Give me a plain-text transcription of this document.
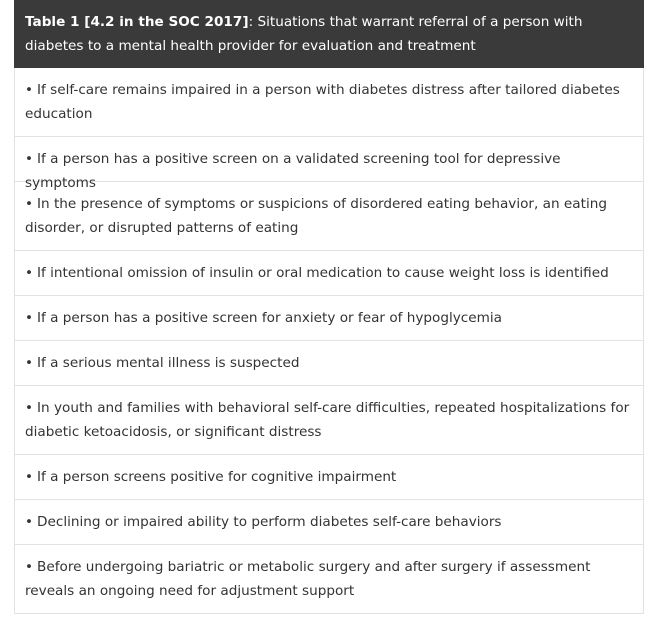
Table 1 [4.2 in the SOC 2017]: Situations that warrant referral of a person with diabetes to a mental health provider for evaluation and treatment
• If self-care remains impaired in a person with diabetes distress after tailored diabetes education
• If a person has a positive screen on a validated screening tool for depressive symptoms
• In the presence of symptoms or suspicions of disordered eating behavior, an eating disorder, or disrupted patterns of eating
• If intentional omission of insulin or oral medication to cause weight loss is identified
• If a person has a positive screen for anxiety or fear of hypoglycemia
• If a serious mental illness is suspected
• In youth and families with behavioral self-care difficulties, repeated hospitalizations for diabetic ketoacidosis, or significant distress
• If a person screens positive for cognitive impairment
• Declining or impaired ability to perform diabetes self-care behaviors
• Before undergoing bariatric or metabolic surgery and after surgery if assessment reveals an ongoing need for adjustment support
